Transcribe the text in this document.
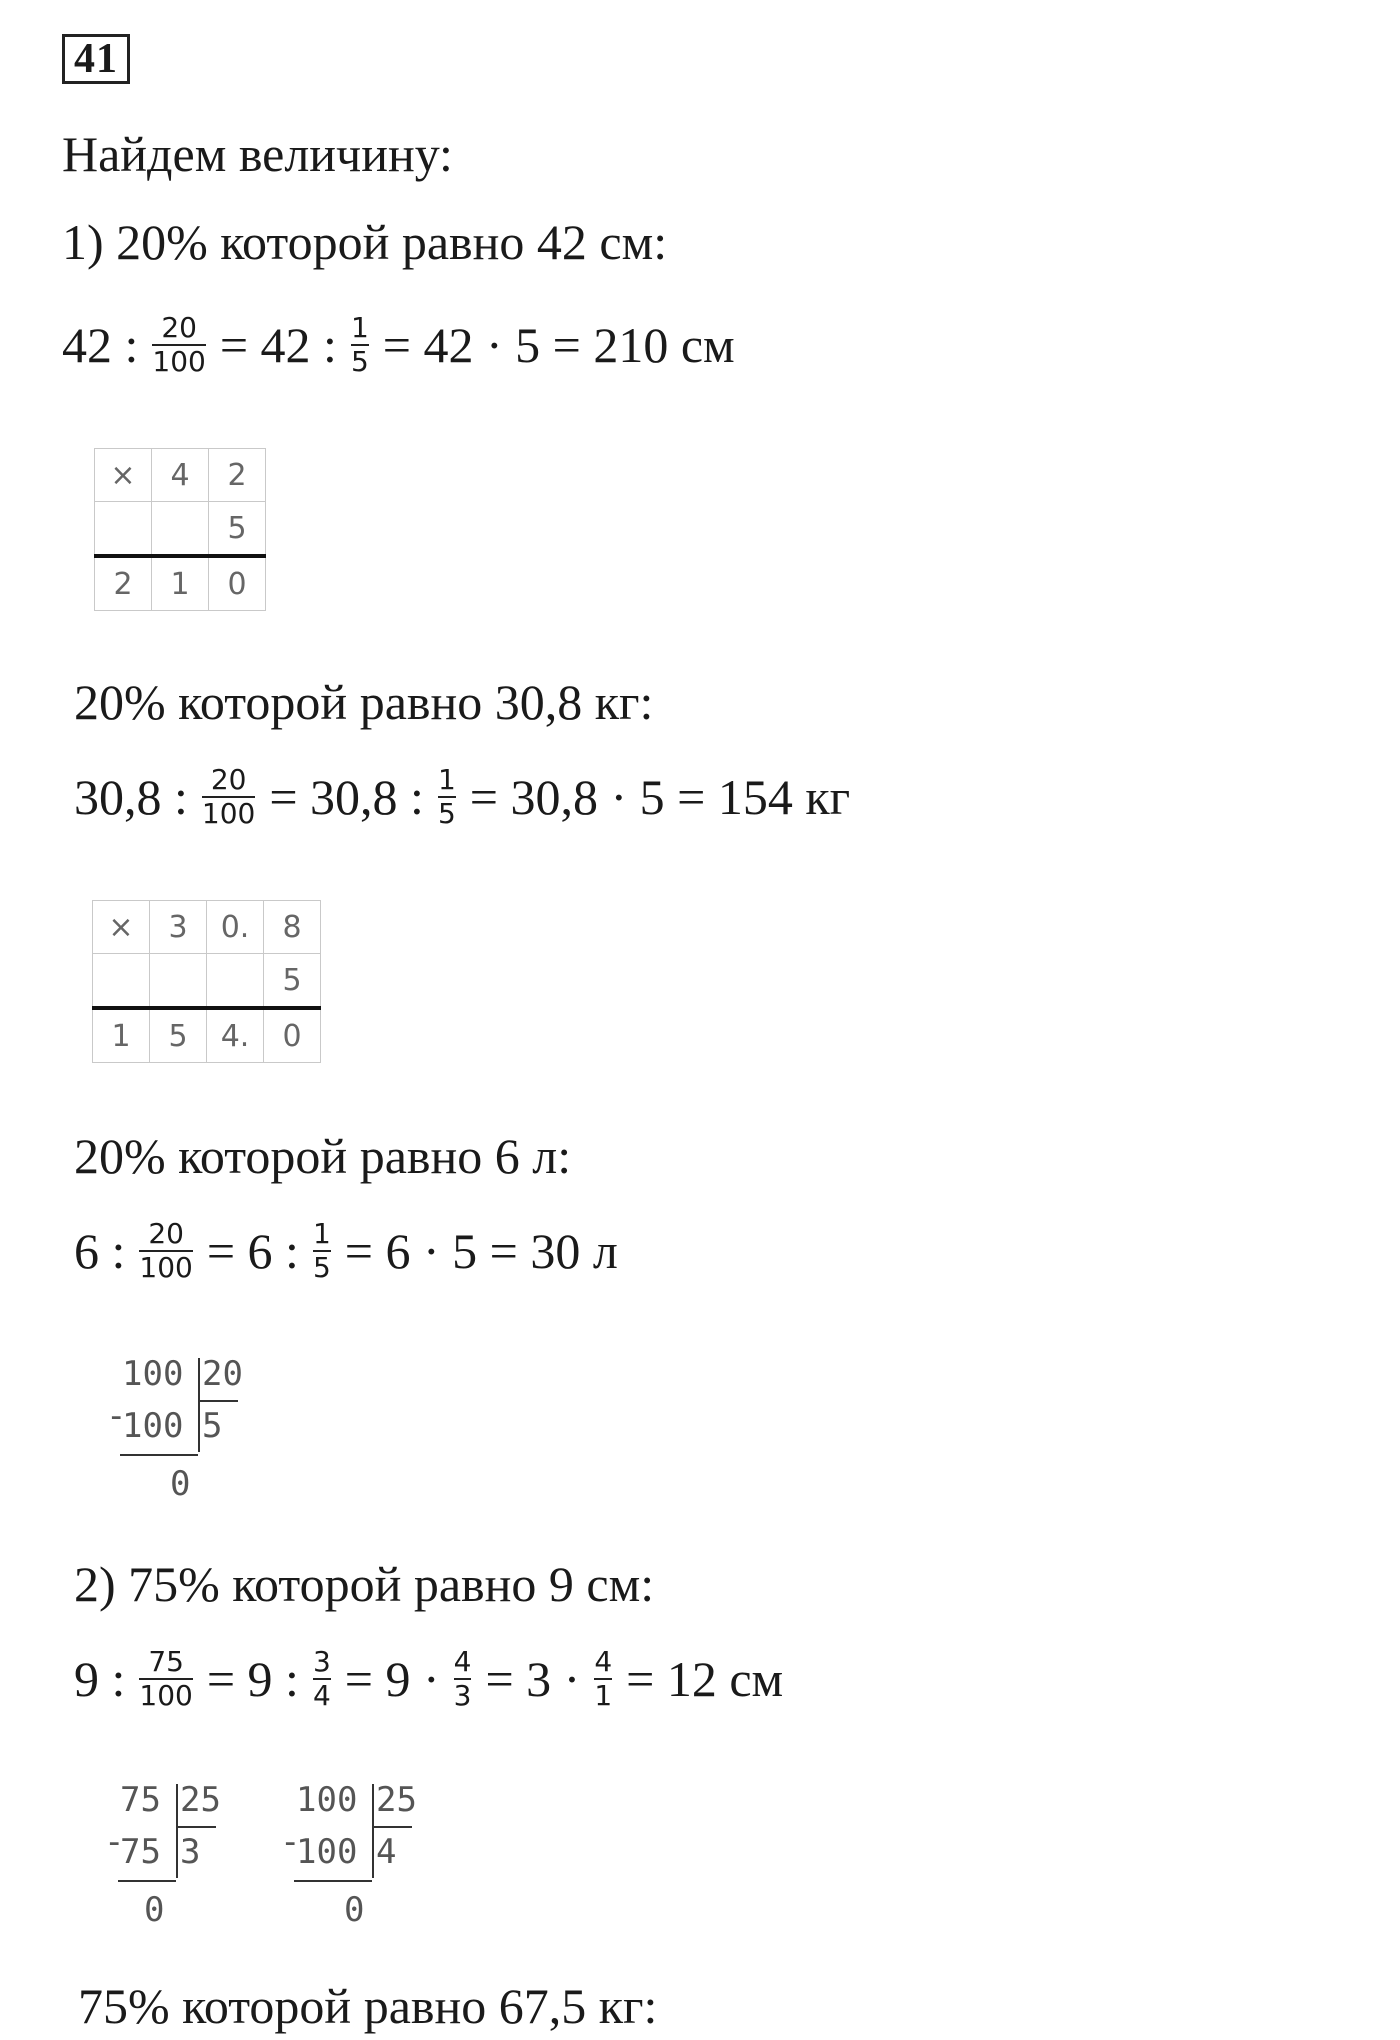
41
Найдем величину:
1) 20% которой равно 42 см:
42 : $\frac{20}{100} = 42$ : $\frac{1}{5} = 42 \cdot 5 = 210$ см
×	4	2
		5
2	1	0
20% которой равно 30,8 кг:
30,8 : $\frac{20}{100} = 30,8$ : $\frac{1}{5} = 30,8 \cdot 5 = 154$ кг
×	3	0.	8
			5
1	5	4.	0
20% которой равно 6 л:
6 : $\frac{20}{100} = 6$ : $\frac{1}{5} = 6 \cdot 5 = 30$ л
-
100 20
100 5
0
2) 75% которой равно 9 см:
9 : $\frac{75}{100} = 9$ : $\frac{3}{4} = 9 \cdot \frac{4}{3} = 3 \cdot \frac{4}{1} = 12$ см
-
75 25
75 3
0
-
100 25
100 4
0
75% которой равно 67,5 кг:
